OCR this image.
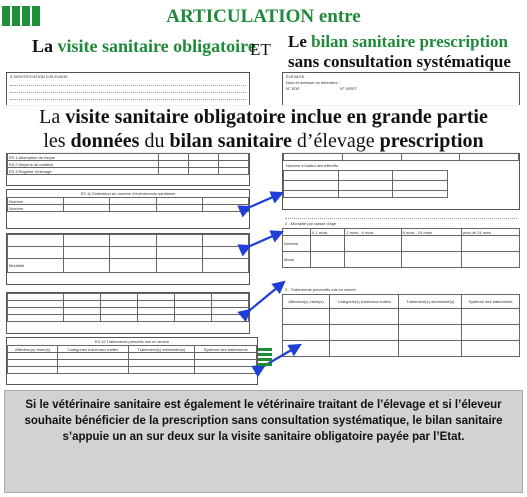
ARTICULATION entre
La visite sanitaire obligatoire
ET Le bilan sanitaire prescription
sans consultation systématique
3 IDENTIFICATION D'ELEVAGE
R3 1 Absorption du risque			
R3 2 Moyens de maîtrise			
R3 3 Registre d'élevage			
R3 11 Estimation du nombre d'évènements sanitaires
Nombre				
Nombre				

Mortalité				

R3 12 Traitements prescrits mis en œuvre
Affection(s) visée(s)	Catégories d'animaux traités	Traitement(s) administré(s)	Système des traitements

ÉLEVAGE
Nom et adresse du détenteur :
N° EDE	N° SIRET

Nombre et statut des effectifs

2 - Mortalité par classe d'âge
	0-1 mois	1 mois - 6 mois	6 mois - 24 mois	plus de 24 mois
Nombre				
Morts				
3 - Traitements préventifs mis en œuvre
Affection(s) visée(s)	Catégorie(s) d'animaux traités	Traitement(s) administré(s)	Système des traitements

La visite sanitaire obligatoire inclue en grande partie
les données du bilan sanitaire d’élevage prescription
Si le vétérinaire sanitaire est également le vétérinaire traitant de l’élevage et si l’éleveur souhaite bénéficier de la prescription sans consultation systématique, le bilan sanitaire s’appuie un an sur deux sur la visite sanitaire obligatoire payée par l’Etat.
